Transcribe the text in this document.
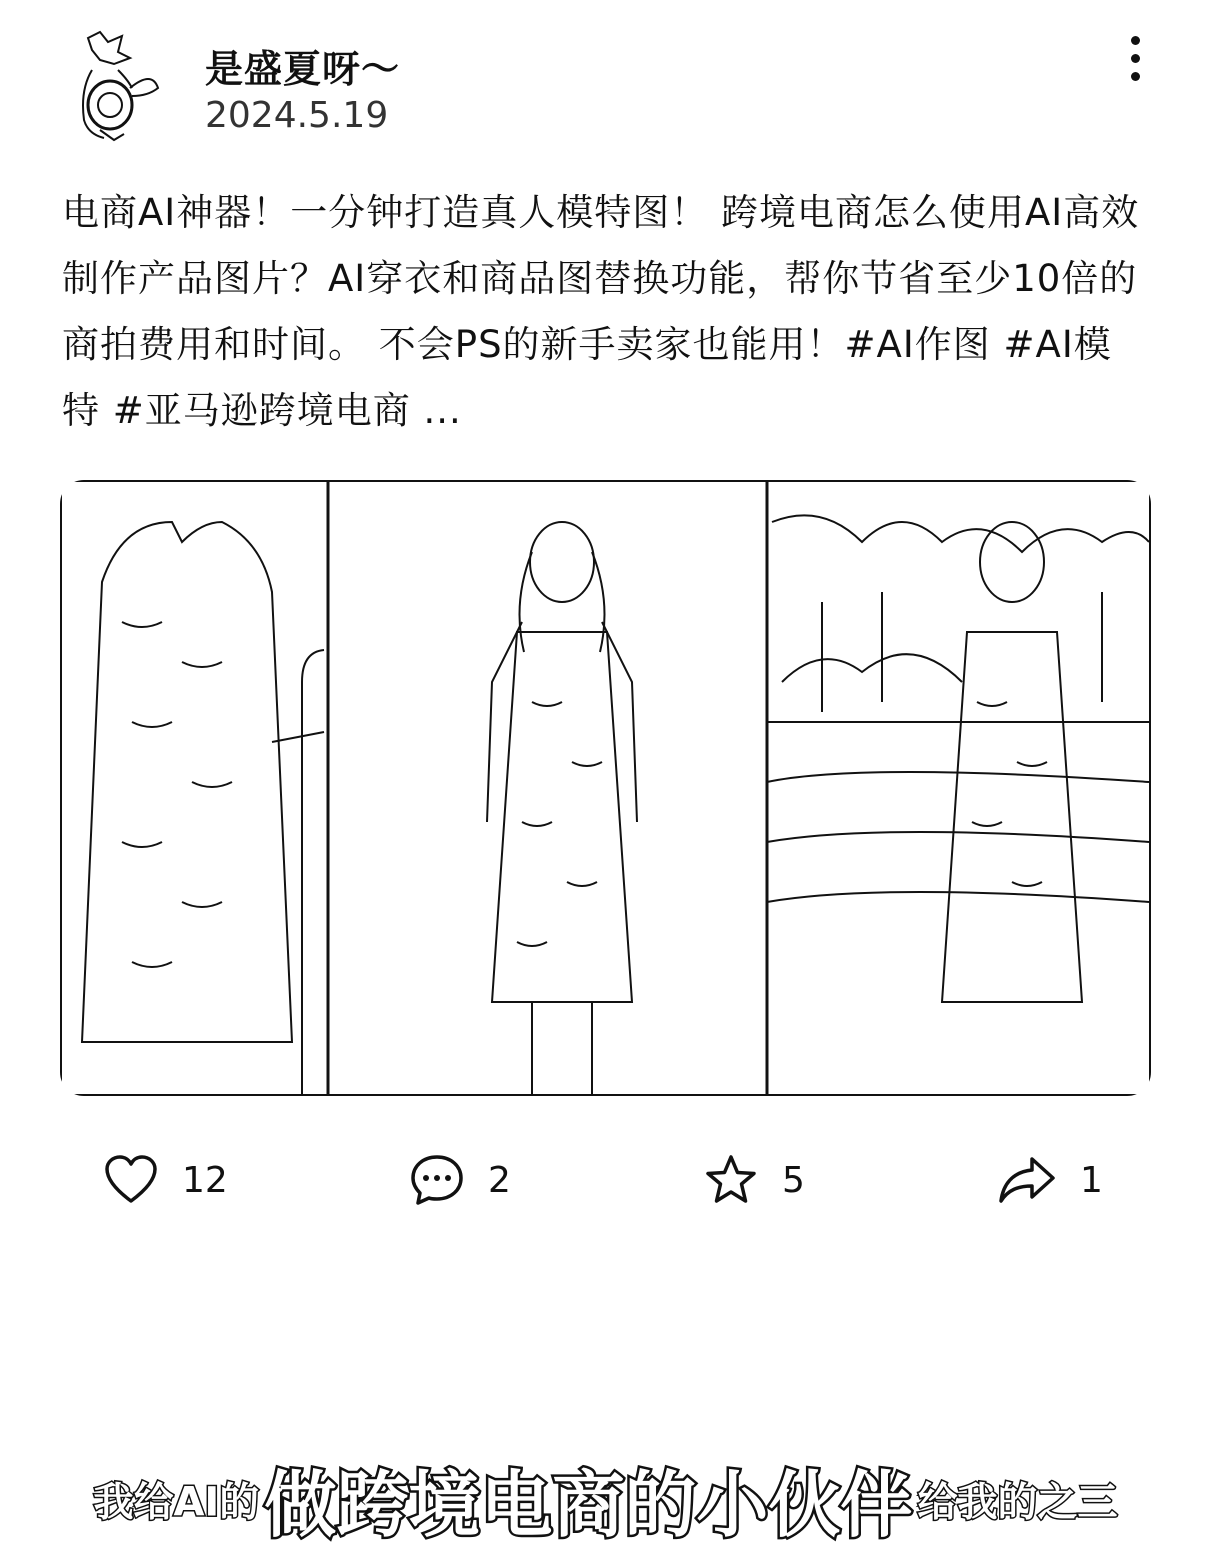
是盛夏呀～
2024.5.19
电商AI神器！一分钟打造真人模特图！ 跨境电商怎么使用AI高效制作产品图片？AI穿衣和商品图替换功能，帮你节省至少10倍的商拍费用和时间。 不会PS的新手卖家也能用！#AI作图 #AI模特 #亚马逊跨境电商 ...
我给AI的 做跨境电商的小伙伴 给我的之三
12	2	5	1
